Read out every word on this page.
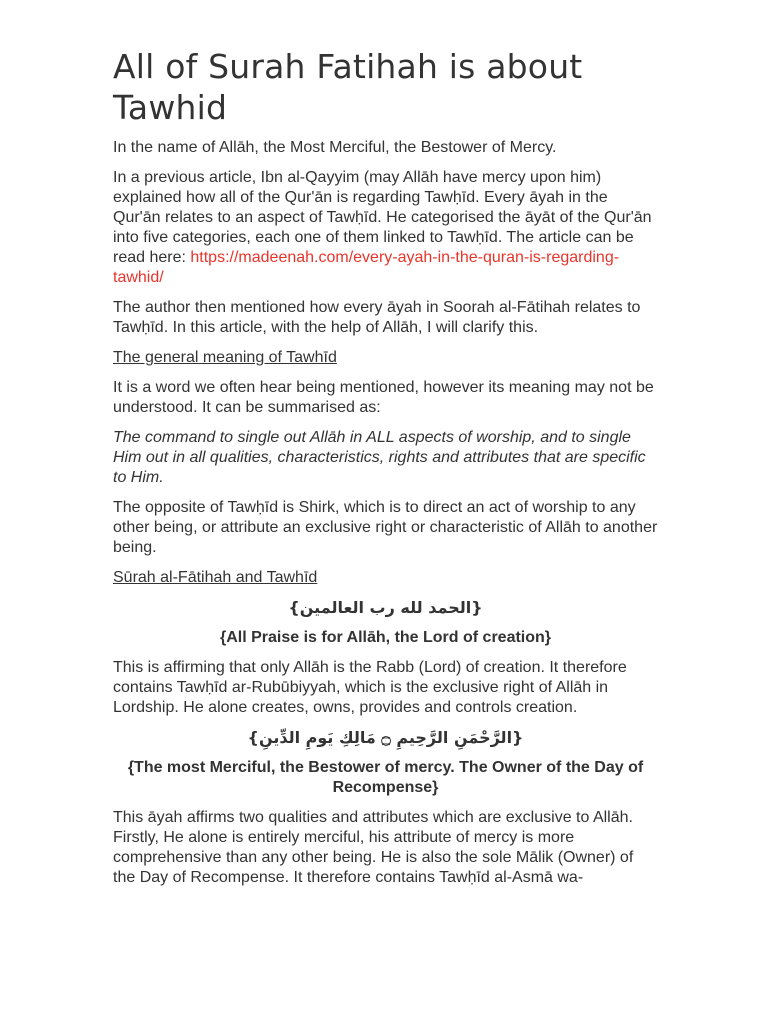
All of Surah Fatihah is about Tawhid

In the name of Allāh, the Most Merciful, the Bestower of Mercy.

In a previous article, Ibn al-Qayyim (may Allāh have mercy upon him) explained how all of the Qur'ān is regarding Tawḥīd. Every āyah in the Qur'ān relates to an aspect of Tawḥīd. He categorised the āyāt of the Qur'ān into five categories, each one of them linked to Tawḥīd. The article can be read here: https://madeenah.com/every-ayah-in-the-quran-is-regarding-tawhid/

The author then mentioned how every āyah in Soorah al-Fātihah relates to Tawḥīd. In this article, with the help of Allāh, I will clarify this.

The general meaning of Tawhīd

It is a word we often hear being mentioned, however its meaning may not be understood. It can be summarised as:

The command to single out Allāh in ALL aspects of worship, and to single Him out in all qualities, characteristics, rights and attributes that are specific to Him.

The opposite of Tawḥīd is Shirk, which is to direct an act of worship to any other being, or attribute an exclusive right or characteristic of Allāh to another being.

Sūrah al-Fātihah and Tawhīd

{الحمد لله رب العالمين}

{All Praise is for Allāh, the Lord of creation}

This is affirming that only Allāh is the Rabb (Lord) of creation. It therefore contains Tawḥīd ar-Rubūbiyyah, which is the exclusive right of Allāh in Lordship. He alone creates, owns, provides and controls creation.

{الرَّحْمَنِ الرَّحِيمِ ۝ مَالِكِ يَومِ الدِّينِ}

{The most Merciful, the Bestower of mercy. The Owner of the Day of Recompense}

This āyah affirms two qualities and attributes which are exclusive to Allāh. Firstly, He alone is entirely merciful, his attribute of mercy is more comprehensive than any other being. He is also the sole Mālik (Owner) of the Day of Recompense. It therefore contains Tawḥīd al-Asmā wa-
